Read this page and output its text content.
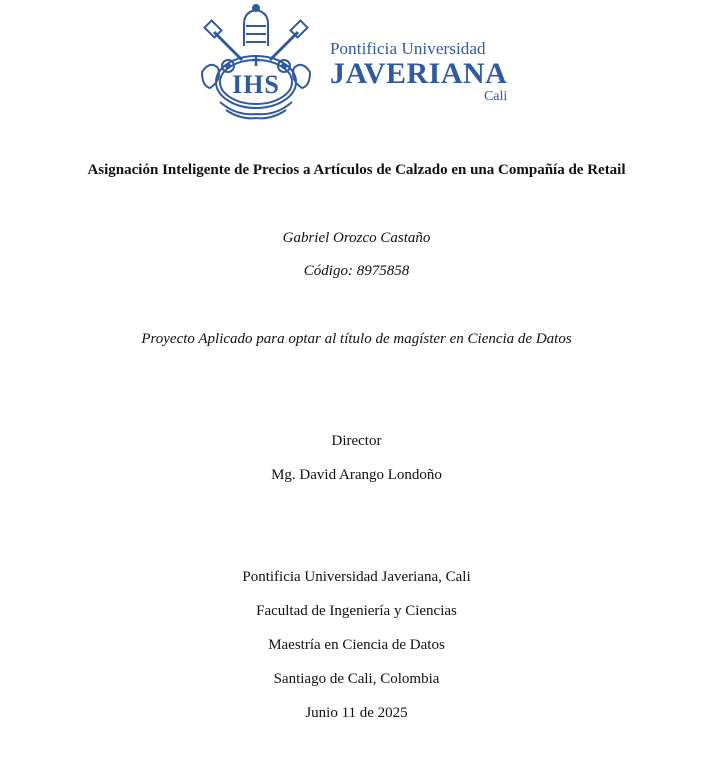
IHS
Pontificia Universidad
JAVERIANA
Cali
Asignación Inteligente de Precios a Artículos de Calzado en una Compañía de Retail
Gabriel Orozco Castaño
Código: 8975858
Proyecto Aplicado para optar al título de magíster en Ciencia de Datos
Director
Mg. David Arango Londoño
Pontificia Universidad Javeriana, Cali
Facultad de Ingeniería y Ciencias
Maestría en Ciencia de Datos
Santiago de Cali, Colombia
Junio 11 de 2025
